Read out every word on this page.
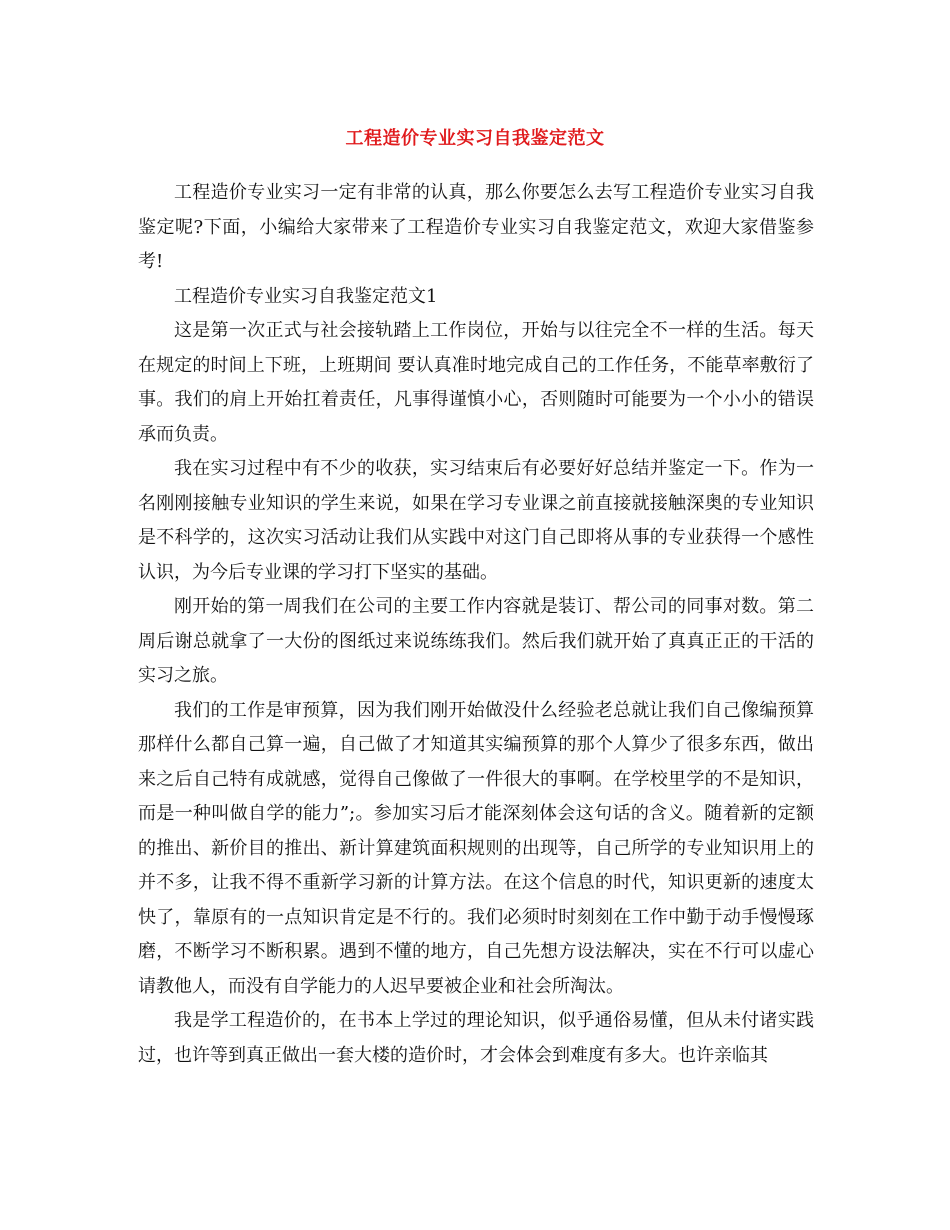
工程造价专业实习自我鉴定范文

工程造价专业实习一定有非常的认真，那么你要怎么去写工程造价专业实习自我鉴定呢?下面，小编给大家带来了工程造价专业实习自我鉴定范文，欢迎大家借鉴参考!

工程造价专业实习自我鉴定范文1

这是第一次正式与社会接轨踏上工作岗位，开始与以往完全不一样的生活。每天在规定的时间上下班，上班期间 要认真准时地完成自己的工作任务，不能草率敷衍了事。我们的肩上开始扛着责任，凡事得谨慎小心，否则随时可能要为一个小小的错误承而负责。

我在实习过程中有不少的收获，实习结束后有必要好好总结并鉴定一下。作为一名刚刚接触专业知识的学生来说，如果在学习专业课之前直接就接触深奥的专业知识是不科学的，这次实习活动让我们从实践中对这门自己即将从事的专业获得一个感性认识，为今后专业课的学习打下坚实的基础。

刚开始的第一周我们在公司的主要工作内容就是装订、帮公司的同事对数。第二周后谢总就拿了一大份的图纸过来说练练我们。然后我们就开始了真真正正的干活的实习之旅。

我们的工作是审预算，因为我们刚开始做没什么经验老总就让我们自己像编预算那样什么都自己算一遍，自己做了才知道其实编预算的那个人算少了很多东西，做出来之后自己特有成就感，觉得自己像做了一件很大的事啊。在学校里学的不是知识，而是一种叫做自学的能力”;。参加实习后才能深刻体会这句话的含义。随着新的定额的推出、新价目的推出、新计算建筑面积规则的出现等，自己所学的专业知识用上的并不多，让我不得不重新学习新的计算方法。在这个信息的时代，知识更新的速度太快了，靠原有的一点知识肯定是不行的。我们必须时时刻刻在工作中勤于动手慢慢琢磨，不断学习不断积累。遇到不懂的地方，自己先想方设法解决，实在不行可以虚心请教他人，而没有自学能力的人迟早要被企业和社会所淘汰。

我是学工程造价的，在书本上学过的理论知识，似乎通俗易懂，但从未付诸实践过，也许等到真正做出一套大楼的造价时，才会体会到难度有多大。也许亲临其
